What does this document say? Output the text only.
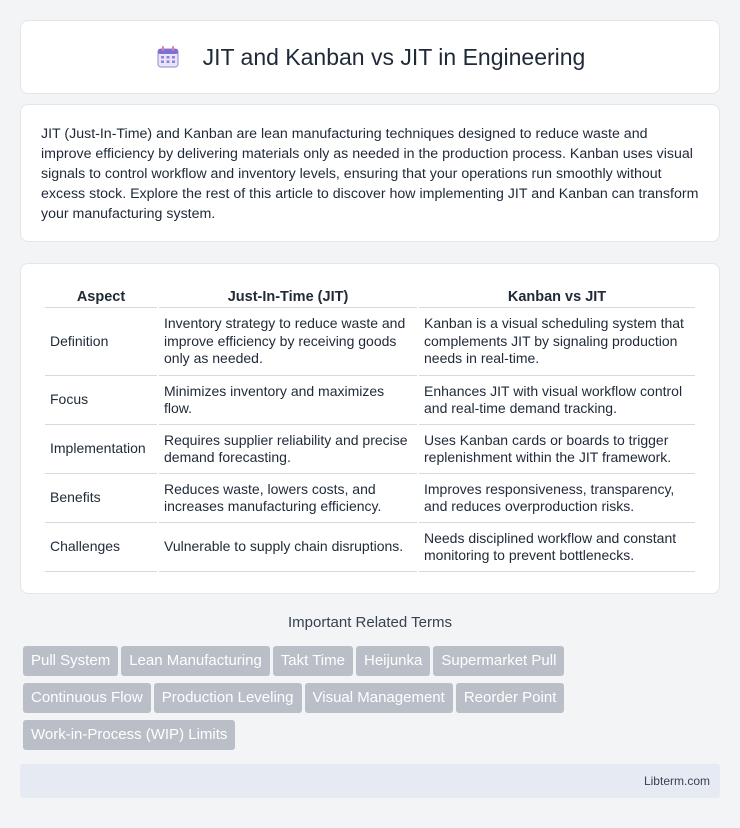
JIT and Kanban vs JIT in Engineering

JIT (Just-In-Time) and Kanban are lean manufacturing techniques designed to reduce waste and improve efficiency by delivering materials only as needed in the production process. Kanban uses visual signals to control workflow and inventory levels, ensuring that your operations run smoothly without excess stock. Explore the rest of this article to discover how implementing JIT and Kanban can transform your manufacturing system.

Aspect	Just-In-Time (JIT)	Kanban vs JIT
Definition	Inventory strategy to reduce waste and improve efficiency by receiving goods only as needed.	Kanban is a visual scheduling system that complements JIT by signaling production needs in real-time.
Focus	Minimizes inventory and maximizes flow.	Enhances JIT with visual workflow control and real-time demand tracking.
Implementation	Requires supplier reliability and precise demand forecasting.	Uses Kanban cards or boards to trigger replenishment within the JIT framework.
Benefits	Reduces waste, lowers costs, and increases manufacturing efficiency.	Improves responsiveness, transparency, and reduces overproduction risks.
Challenges	Vulnerable to supply chain disruptions.	Needs disciplined workflow and constant monitoring to prevent bottlenecks.
Important Related Terms
Pull System	Lean Manufacturing	Takt Time	Heijunka	Supermarket Pull
Continuous Flow	Production Leveling	Visual Management	Reorder Point
Work-in-Process (WIP) Limits
Libterm.com
